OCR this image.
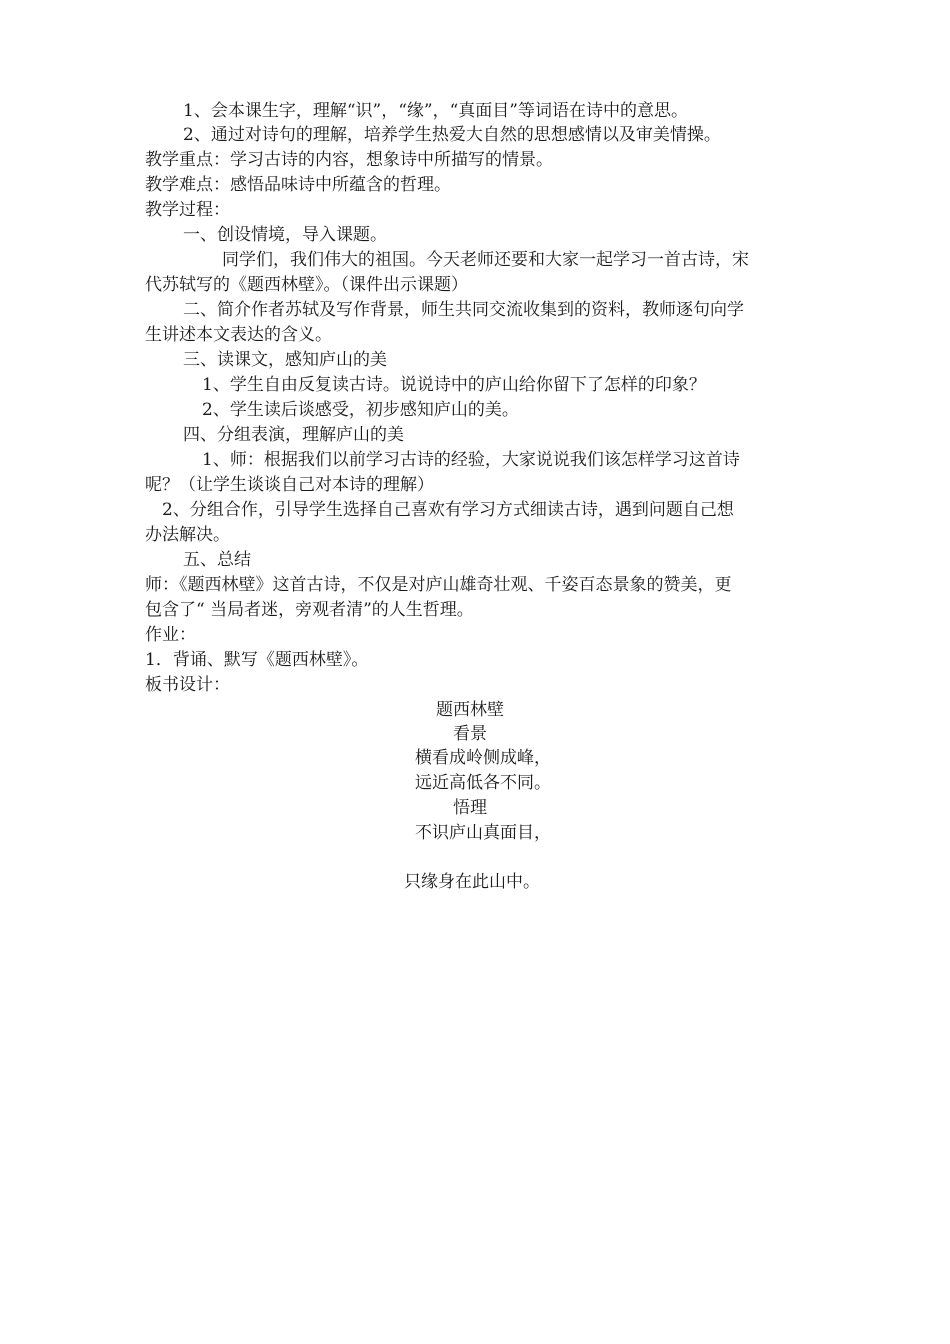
1、会本课生字，理解“识”，“缘”，“真面目”等词语在诗中的意思。
2、通过对诗句的理解，培养学生热爱大自然的思想感情以及审美情操。
教学重点：学习古诗的内容，想象诗中所描写的情景。
教学难点：感悟品味诗中所蕴含的哲理。
教学过程：
一、创设情境，导入课题。
同学们，我们伟大的祖国。今天老师还要和大家一起学习一首古诗，宋
代苏轼写的《题西林壁》。（课件出示课题）
二、简介作者苏轼及写作背景，师生共同交流收集到的资料，教师逐句向学
生讲述本文表达的含义。
三、读课文，感知庐山的美
1、学生自由反复读古诗。说说诗中的庐山给你留下了怎样的印象？
2、学生读后谈感受，初步感知庐山的美。
四、分组表演，理解庐山的美
1、师：根据我们以前学习古诗的经验，大家说说我们该怎样学习这首诗
呢？（让学生谈谈自己对本诗的理解）
2、分组合作，引导学生选择自己喜欢有学习方式细读古诗，遇到问题自己想
办法解决。
五、总结
师：《题西林壁》这首古诗，不仅是对庐山雄奇壮观、千姿百态景象的赞美，更
包含了“ 当局者迷，旁观者清”的人生哲理。
作业：
1．背诵、默写《题西林壁》。
板书设计：
题西林壁
看景
横看成岭侧成峰，
远近高低各不同。
悟理
不识庐山真面目，
只缘身在此山中。
